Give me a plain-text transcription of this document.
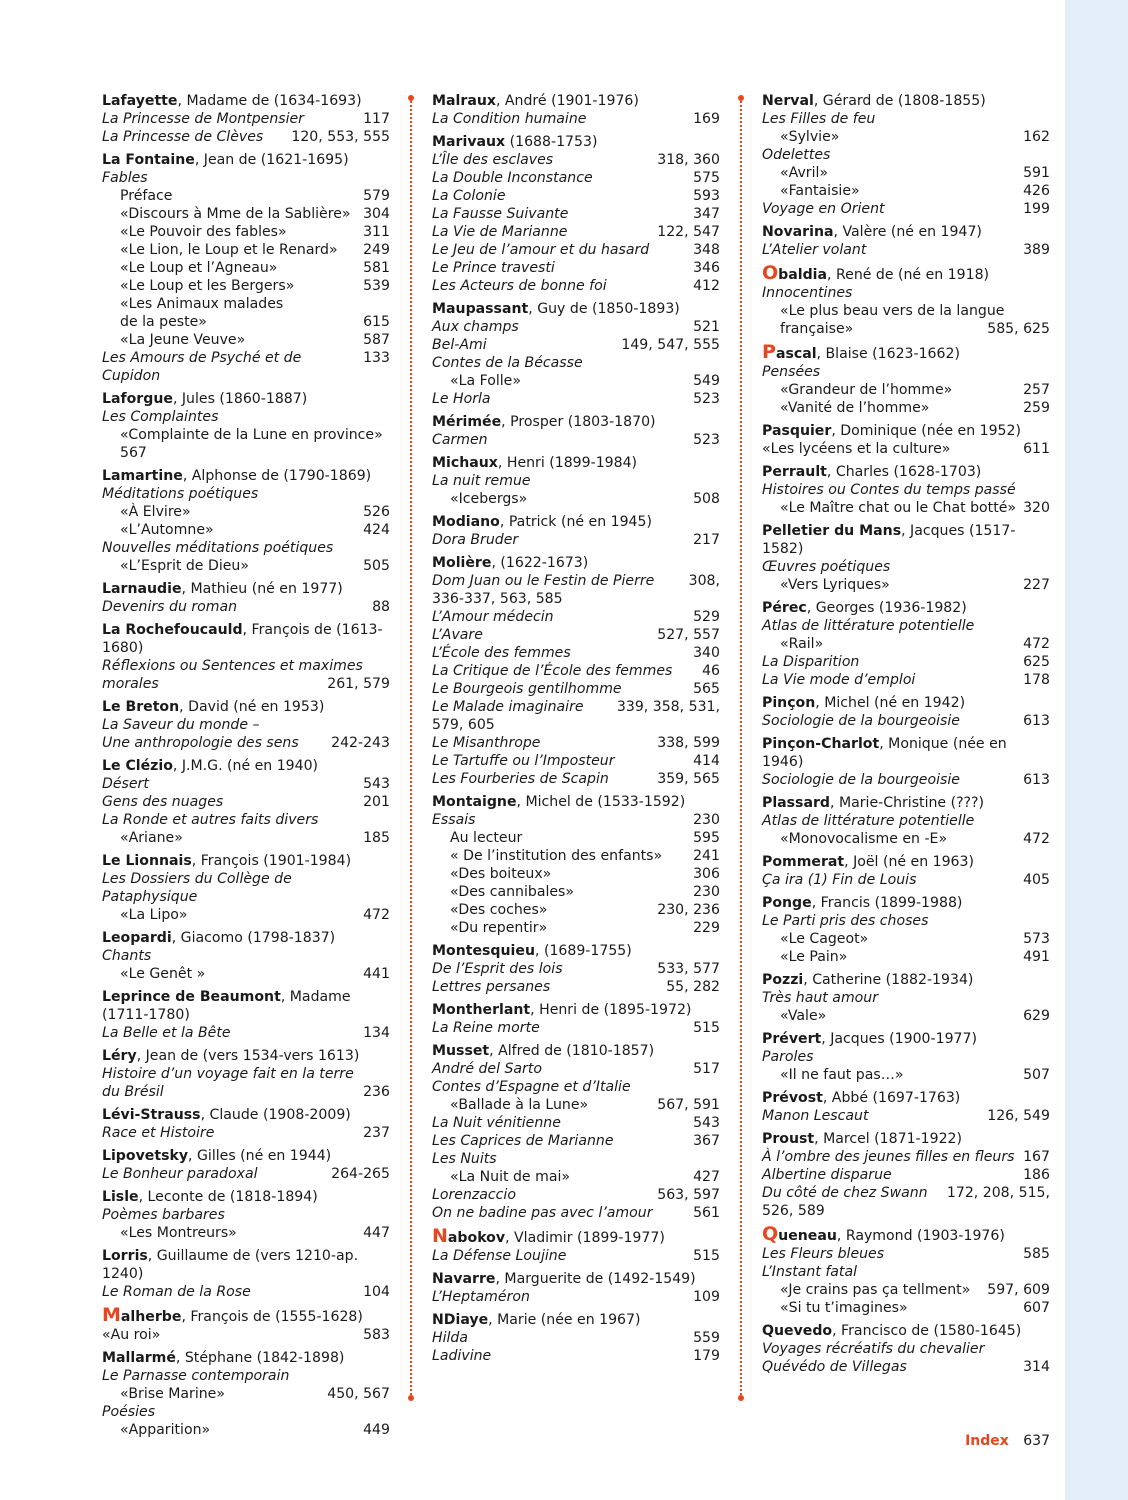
Lafayette, Madame de (1634-1693)
La Princesse de Montpensier	117
La Princesse de Clèves	120, 553, 555
La Fontaine, Jean de (1621-1695)
Fables
Préface	579
«Discours à Mme de la Sablière» 304
«Le Pouvoir des fables»	311
«Le Lion, le Loup et le Renard»	249
«Le Loup et l’Agneau»	581
«Le Loup et les Bergers»	539
«Les Animaux malades
de la peste»	615
«La Jeune Veuve»	587
Les Amours de Psyché et de Cupidon
133
Laforgue, Jules (1860-1887)
Les Complaintes
«Complainte de la Lune en province»
567
Lamartine, Alphonse de (1790-1869)
Méditations poétiques
«À Elvire»	526
«L’Automne»	424
Nouvelles méditations poétiques
«L’Esprit de Dieu»	505
Larnaudie, Mathieu (né en 1977)
Devenirs du roman	88
La Rochefoucauld, François de (1613-1680)
Réflexions ou Sentences et maximes
morales	261, 579
Le Breton, David (né en 1953)
La Saveur du monde –
Une anthropologie des sens	242-243
Le Clézio, J.M.G. (né en 1940)
Désert	543
Gens des nuages	201
La Ronde et autres faits divers
«Ariane»	185
Le Lionnais, François (1901-1984)
Les Dossiers du Collège de Pataphysique
«La Lipo»	472
Leopardi, Giacomo (1798-1837)
Chants
«Le Genêt »	441
Leprince de Beaumont, Madame (1711-1780)
La Belle et la Bête	134
Léry, Jean de (vers 1534-vers 1613)
Histoire d’un voyage fait en la terre
du Brésil	236
Lévi-Strauss, Claude (1908-2009)
Race et Histoire	237
Lipovetsky, Gilles (né en 1944)
Le Bonheur paradoxal	264-265
Lisle, Leconte de (1818-1894)
Poèmes barbares
«Les Montreurs»	447
Lorris, Guillaume de (vers 1210-ap. 1240)
Le Roman de la Rose	104
Malherbe, François de (1555-1628)
«Au roi»	583
Mallarmé, Stéphane (1842-1898)
Le Parnasse contemporain
«Brise Marine»	450, 567
Poésies
«Apparition»	449
Malraux, André (1901-1976)
La Condition humaine	169
Marivaux (1688-1753)
L’Île des esclaves	318, 360
La Double Inconstance	575
La Colonie	593
La Fausse Suivante	347
La Vie de Marianne	122, 547
Le Jeu de l’amour et du hasard	348
Le Prince travesti	346
Les Acteurs de bonne foi	412
Maupassant, Guy de (1850-1893)
Aux champs	521
Bel-Ami	149, 547, 555
Contes de la Bécasse
«La Folle»	549
Le Horla	523
Mérimée, Prosper (1803-1870)
Carmen	523
Michaux, Henri (1899-1984)
La nuit remue
«Icebergs»	508
Modiano, Patrick (né en 1945)
Dora Bruder	217
Molière, (1622-1673)
Dom Juan ou le Festin de Pierre	308,
336-337, 563, 585
L’Amour médecin	529
L’Avare	527, 557
L’École des femmes	340
La Critique de l’École des femmes	46
Le Bourgeois gentilhomme	565
Le Malade imaginaire	339, 358, 531,
579, 605
Le Misanthrope	338, 599
Le Tartuffe ou l’Imposteur	414
Les Fourberies de Scapin	359, 565
Montaigne, Michel de (1533-1592)
Essais	230
Au lecteur	595
« De l’institution des enfants»	241
«Des boiteux»	306
«Des cannibales»	230
«Des coches»	230, 236
«Du repentir»	229
Montesquieu, (1689-1755)
De l’Esprit des lois	533, 577
Lettres persanes	55, 282
Montherlant, Henri de (1895-1972)
La Reine morte	515
Musset, Alfred de (1810-1857)
André del Sarto	517
Contes d’Espagne et d’Italie
«Ballade à la Lune»	567, 591
La Nuit vénitienne	543
Les Caprices de Marianne	367
Les Nuits
«La Nuit de mai»	427
Lorenzaccio	563, 597
On ne badine pas avec l’amour	561
Nabokov, Vladimir (1899-1977)
La Défense Loujine	515
Navarre, Marguerite de (1492-1549)
L’Heptaméron	109
NDiaye, Marie (née en 1967)
Hilda	559
Ladivine	179
Nerval, Gérard de (1808-1855)
Les Filles de feu
«Sylvie»	162
Odelettes
«Avril»	591
«Fantaisie»	426
Voyage en Orient	199
Novarina, Valère (né en 1947)
L’Atelier volant	389
Obaldia, René de (né en 1918)
Innocentines
«Le plus beau vers de la langue
française»	585, 625
Pascal, Blaise (1623-1662)
Pensées
«Grandeur de l’homme»	257
«Vanité de l’homme»	259
Pasquier, Dominique (née en 1952)
«Les lycéens et la culture»	611
Perrault, Charles (1628-1703)
Histoires ou Contes du temps passé
«Le Maître chat ou le Chat botté» 320
Pelletier du Mans, Jacques (1517-1582)
Œuvres poétiques
«Vers Lyriques»	227
Pérec, Georges (1936-1982)
Atlas de littérature potentielle
«Rail»	472
La Disparition	625
La Vie mode d’emploi	178
Pinçon, Michel (né en 1942)
Sociologie de la bourgeoisie	613
Pinçon-Charlot, Monique (née en 1946)
Sociologie de la bourgeoisie	613
Plassard, Marie-Christine (???)
Atlas de littérature potentielle
«Monovocalisme en -E»	472
Pommerat, Joël (né en 1963)
Ça ira (1) Fin de Louis	405
Ponge, Francis (1899-1988)
Le Parti pris des choses
«Le Cageot»	573
«Le Pain»	491
Pozzi, Catherine (1882-1934)
Très haut amour
«Vale»	629
Prévert, Jacques (1900-1977)
Paroles
«Il ne faut pas…»	507
Prévost, Abbé (1697-1763)
Manon Lescaut	126, 549
Proust, Marcel (1871-1922)
À l’ombre des jeunes filles en fleurs 167
Albertine disparue	186
Du côté de chez Swann	172, 208, 515,
526, 589
Queneau, Raymond (1903-1976)
Les Fleurs bleues	585
L’Instant fatal
«Je crains pas ça tellment»	597, 609
«Si tu t’imagines»	607
Quevedo, Francisco de (1580-1645)
Voyages récréatifs du chevalier
Quévédo de Villegas	314
Index 637
